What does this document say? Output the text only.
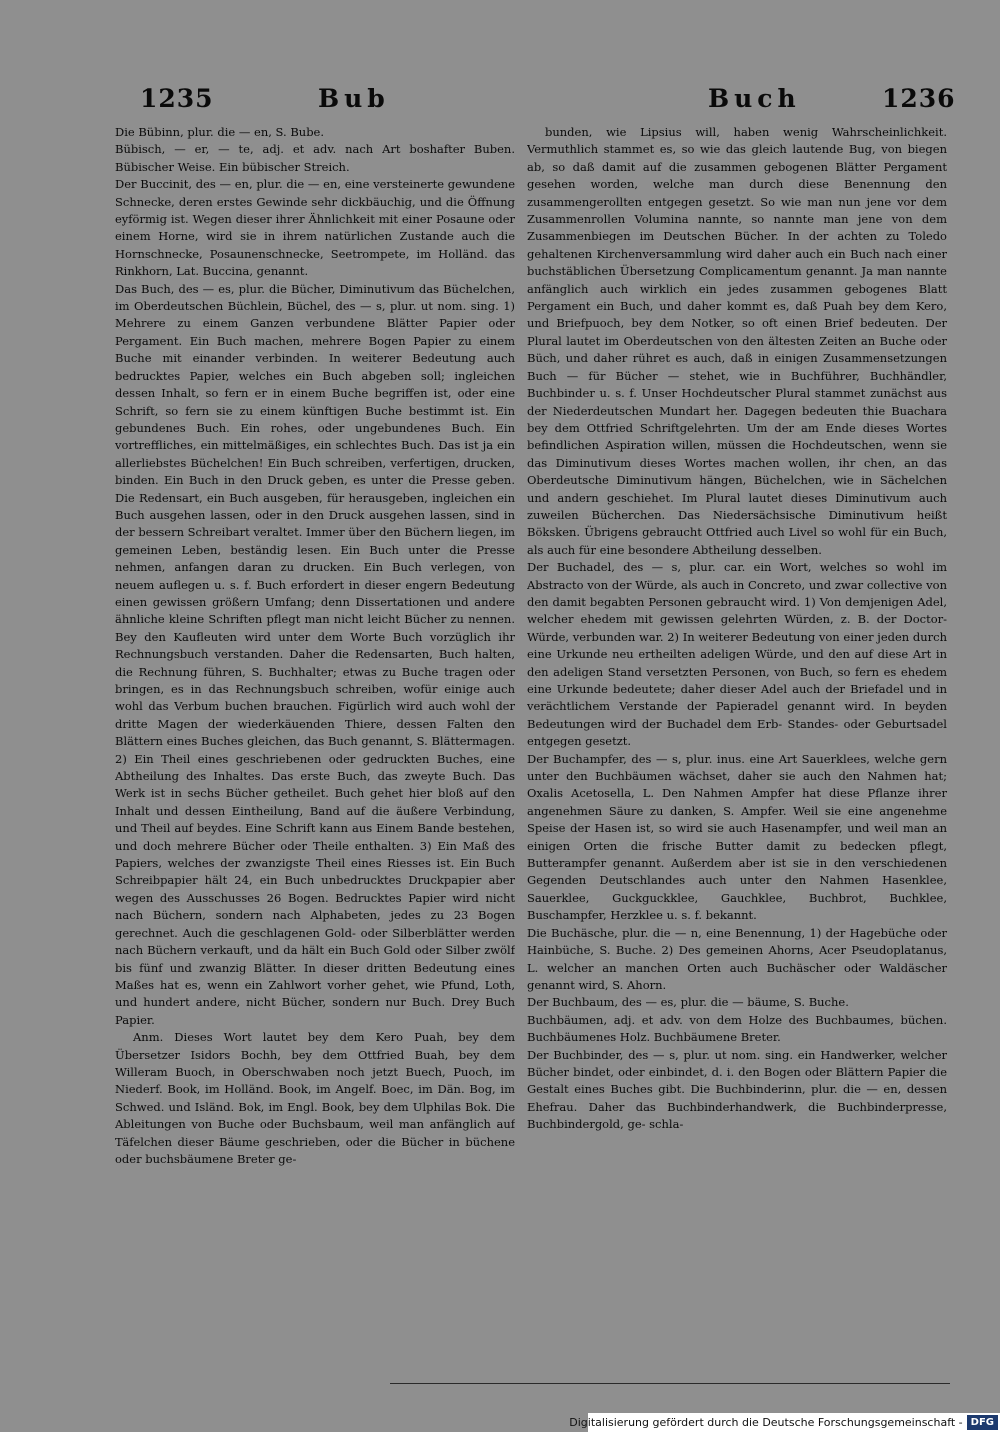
1235	Bub	Buch	1236

Die Bübinn, plur. die — en, S. Bube.

Bübisch, — er, — te, adj. et adv. nach Art boshafter Buben. Bübischer Weise. Ein bübischer Streich.

Der Buccinit, des — en, plur. die — en, eine versteinerte gewundene Schnecke, deren erstes Gewinde sehr dickbäuchig, und die Öffnung eyförmig ist. Wegen dieser ihrer Ähnlichkeit mit einer Posaune oder einem Horne, wird sie in ihrem natürlichen Zustande auch die Hornschnecke, Posaunenschnecke, Seetrompete, im Holländ. das Rinkhorn, Lat. Buccina, genannt.

Das Buch, des — es, plur. die Bücher, Diminutivum das Büchelchen, im Oberdeutschen Büchlein, Büchel, des — s, plur. ut nom. sing. 1) Mehrere zu einem Ganzen verbundene Blätter Papier oder Pergament. Ein Buch machen, mehrere Bogen Papier zu einem Buche mit einander verbinden. In weiterer Bedeutung auch bedrucktes Papier, welches ein Buch abgeben soll; ingleichen dessen Inhalt, so fern er in einem Buche begriffen ist, oder eine Schrift, so fern sie zu einem künftigen Buche bestimmt ist. Ein gebundenes Buch. Ein rohes, oder ungebundenes Buch. Ein vortreffliches, ein mittelmäßiges, ein schlechtes Buch. Das ist ja ein allerliebstes Büchelchen! Ein Buch schreiben, verfertigen, drucken, binden. Ein Buch in den Druck geben, es unter die Presse geben. Die Redensart, ein Buch ausgeben, für herausgeben, ingleichen ein Buch ausgehen lassen, oder in den Druck ausgehen lassen, sind in der bessern Schreibart veraltet. Immer über den Büchern liegen, im gemeinen Leben, beständig lesen. Ein Buch unter die Presse nehmen, anfangen daran zu drucken. Ein Buch verlegen, von neuem auflegen u. s. f. Buch erfordert in dieser engern Bedeutung einen gewissen größern Umfang; denn Dissertationen und andere ähnliche kleine Schriften pflegt man nicht leicht Bücher zu nennen. Bey den Kaufleuten wird unter dem Worte Buch vorzüglich ihr Rechnungsbuch verstanden. Daher die Redensarten, Buch halten, die Rechnung führen, S. Buchhalter; etwas zu Buche tragen oder bringen, es in das Rechnungsbuch schreiben, wofür einige auch wohl das Verbum buchen brauchen. Figürlich wird auch wohl der dritte Magen der wiederkäuenden Thiere, dessen Falten den Blättern eines Buches gleichen, das Buch genannt, S. Blättermagen. 2) Ein Theil eines geschriebenen oder gedruckten Buches, eine Abtheilung des Inhaltes. Das erste Buch, das zweyte Buch. Das Werk ist in sechs Bücher getheilet. Buch gehet hier bloß auf den Inhalt und dessen Eintheilung, Band auf die äußere Verbindung, und Theil auf beydes. Eine Schrift kann aus Einem Bande bestehen, und doch mehrere Bücher oder Theile enthalten. 3) Ein Maß des Papiers, welches der zwanzigste Theil eines Riesses ist. Ein Buch Schreibpapier hält 24, ein Buch unbedrucktes Druckpapier aber wegen des Ausschusses 26 Bogen. Bedrucktes Papier wird nicht nach Büchern, sondern nach Alphabeten, jedes zu 23 Bogen gerechnet. Auch die geschlagenen Gold- oder Silberblätter werden nach Büchern verkauft, und da hält ein Buch Gold oder Silber zwölf bis fünf und zwanzig Blätter. In dieser dritten Bedeutung eines Maßes hat es, wenn ein Zahlwort vorher gehet, wie Pfund, Loth, und hundert andere, nicht Bücher, sondern nur Buch. Drey Buch Papier.

Anm. Dieses Wort lautet bey dem Kero Puah, bey dem Übersetzer Isidors Bochh, bey dem Ottfried Buah, bey dem Willeram Buoch, in Oberschwaben noch jetzt Buech, Puoch, im Niederf. Book, im Holländ. Book, im Angelf. Boec, im Dän. Bog, im Schwed. und Isländ. Bok, im Engl. Book, bey dem Ulphilas Bok. Die Ableitungen von Buche oder Buchsbaum, weil man anfänglich auf Täfelchen dieser Bäume geschrieben, oder die Bücher in büchene oder buchsbäumene Breter ge-

bunden, wie Lipsius will, haben wenig Wahrscheinlichkeit. Vermuthlich stammet es, so wie das gleich lautende Bug, von biegen ab, so daß damit auf die zusammen gebogenen Blätter Pergament gesehen worden, welche man durch diese Benennung den zusammengerollten entgegen gesetzt. So wie man nun jene vor dem Zusammenrollen Volumina nannte, so nannte man jene von dem Zusammenbiegen im Deutschen Bücher. In der achten zu Toledo gehaltenen Kirchenversammlung wird daher auch ein Buch nach einer buchstäblichen Übersetzung Complicamentum genannt. Ja man nannte anfänglich auch wirklich ein jedes zusammen gebogenes Blatt Pergament ein Buch, und daher kommt es, daß Puah bey dem Kero, und Briefpuoch, bey dem Notker, so oft einen Brief bedeuten. Der Plural lautet im Oberdeutschen von den ältesten Zeiten an Buche oder Büch, und daher rühret es auch, daß in einigen Zusammensetzungen Buch — für Bücher — stehet, wie in Buchführer, Buchhändler, Buchbinder u. s. f. Unser Hochdeutscher Plural stammet zunächst aus der Niederdeutschen Mundart her. Dagegen bedeuten thie Buachara bey dem Ottfried Schriftgelehrten. Um der am Ende dieses Wortes befindlichen Aspiration willen, müssen die Hochdeutschen, wenn sie das Diminutivum dieses Wortes machen wollen, ihr chen, an das Oberdeutsche Diminutivum hängen, Büchelchen, wie in Sächelchen und andern geschiehet. Im Plural lautet dieses Diminutivum auch zuweilen Bücherchen. Das Niedersächsische Diminutivum heißt Böksken. Übrigens gebraucht Ottfried auch Livel so wohl für ein Buch, als auch für eine besondere Abtheilung desselben.

Der Buchadel, des — s, plur. car. ein Wort, welches so wohl im Abstracto von der Würde, als auch in Concreto, und zwar collective von den damit begabten Personen gebraucht wird. 1) Von demjenigen Adel, welcher ehedem mit gewissen gelehrten Würden, z. B. der Doctor-Würde, verbunden war. 2) In weiterer Bedeutung von einer jeden durch eine Urkunde neu ertheilten adeligen Würde, und den auf diese Art in den adeligen Stand versetzten Personen, von Buch, so fern es ehedem eine Urkunde bedeutete; daher dieser Adel auch der Briefadel und in verächtlichem Verstande der Papieradel genannt wird. In beyden Bedeutungen wird der Buchadel dem Erb- Standes- oder Geburtsadel entgegen gesetzt.

Der Buchampfer, des — s, plur. inus. eine Art Sauerklees, welche gern unter den Buchbäumen wächset, daher sie auch den Nahmen hat; Oxalis Acetosella, L. Den Nahmen Ampfer hat diese Pflanze ihrer angenehmen Säure zu danken, S. Ampfer. Weil sie eine angenehme Speise der Hasen ist, so wird sie auch Hasenampfer, und weil man an einigen Orten die frische Butter damit zu bedecken pflegt, Butterampfer genannt. Außerdem aber ist sie in den verschiedenen Gegenden Deutschlandes auch unter den Nahmen Hasenklee, Sauerklee, Guckguckklee, Gauchklee, Buchbrot, Buchklee, Buschampfer, Herzklee u. s. f. bekannt.

Die Buchäsche, plur. die — n, eine Benennung, 1) der Hagebüche oder Hainbüche, S. Buche. 2) Des gemeinen Ahorns, Acer Pseudoplatanus, L. welcher an manchen Orten auch Buchäscher oder Waldäscher genannt wird, S. Ahorn.

Der Buchbaum, des — es, plur. die — bäume, S. Buche.

Buchbäumen, adj. et adv. von dem Holze des Buchbaumes, büchen. Buchbäumenes Holz. Buchbäumene Breter.

Der Buchbinder, des — s, plur. ut nom. sing. ein Handwerker, welcher Bücher bindet, oder einbindet, d. i. den Bogen oder Blättern Papier die Gestalt eines Buches gibt. Die Buchbinderinn, plur. die — en, dessen Ehefrau. Daher das Buchbinderhandwerk, die Buchbinderpresse, Buchbindergold, ge- schla-

Digitalisierung gefördert durch die Deutsche Forschungsgemeinschaft - DFG
